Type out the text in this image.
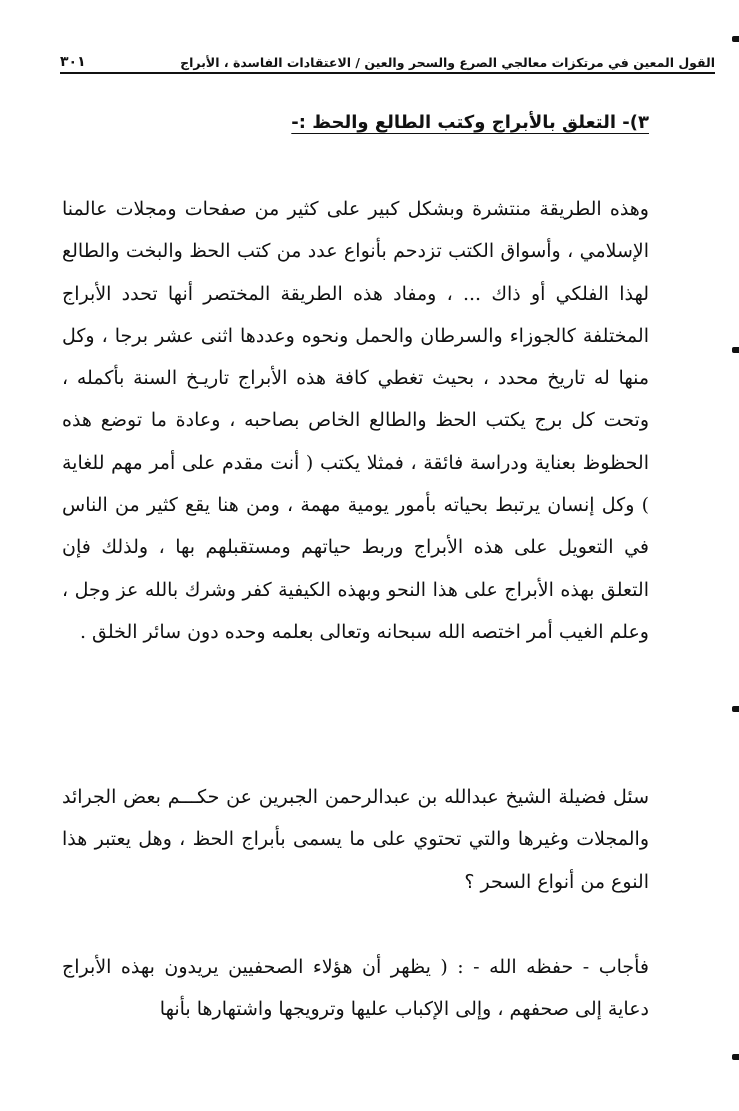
القول المعين في مرتكزات معالجي الصرع والسحر والعين / الاعتقادات الفاسدة ، الأبراج
٣٠١
٣)- التعلق بالأبراج وكتب الطالع والحظ :-

وهذه الطريقة منتشرة وبشكل كبير على كثير من صفحات ومجلات عالمنا الإسلامي ، وأسواق الكتب تزدحم بأنواع عدد من كتب الحظ والبخت والطالع لهذا الفلكي أو ذاك ... ، ومفاد هذه الطريقة المختصر أنها تحدد الأبراج المختلفة كالجوزاء والسرطان والحمل ونحوه وعددها اثنى عشر برجا ، وكل منها له تاريخ محدد ، بحيث تغطي كافة هذه الأبراج تاريـخ السنة بأكمله ، وتحت كل برج يكتب الحظ والطالع الخاص بصاحبه ، وعادة ما توضع هذه الحظوظ بعناية ودراسة فائقة ، فمثلا يكتب ( أنت مقدم على أمر مهم للغاية ) وكل إنسان يرتبط بحياته بأمور يومية مهمة ، ومن هنا يقع كثير من الناس في التعويل على هذه الأبراج وربط حياتهم ومستقبلهم بها ، ولذلك فإن التعلق بهذه الأبراج على هذا النحو وبهذه الكيفية كفر وشرك بالله عز وجل ، وعلم الغيب أمر اختصه الله سبحانه وتعالى بعلمه وحده دون سائر الخلق .

سئل فضيلة الشيخ عبدالله بن عبدالرحمن الجبرين عن حكـــم بعض الجرائد والمجلات وغيرها والتي تحتوي على ما يسمى بأبراج الحظ ، وهل يعتبر هذا النوع من أنواع السحر ؟

فأجاب - حفظه الله - : ( يظهر أن هؤلاء الصحفيين يريدون بهذه الأبراج دعاية إلى صحفهم ، وإلى الإكباب عليها وترويجها واشتهارها بأنها
